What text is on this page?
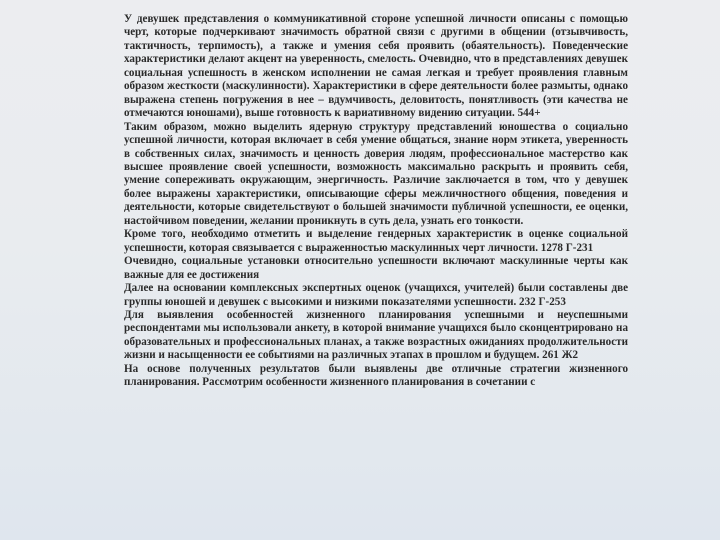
У девушек представления о коммуникативной стороне успешной личности описаны с помощью черт, которые подчеркивают значимость обратной связи с другими в общении (отзывчивость, тактичность, терпимость), а также и умения себя проявить (обаятельность). Поведенческие характеристики делают акцент на уверенность, смелость. Очевидно, что в представлениях девушек социальная успешность в женском исполнении не самая легкая и требует проявления главным образом жесткости (маскулинности). Характеристики в сфере деятельности более размыты, однако выражена степень погружения в нее – вдумчивость, деловитость, понятливость (эти качества не отмечаются юношами), выше готовность к вариативному видению ситуации. 544+

Таким образом, можно выделить ядерную структуру представлений юношества о социально успешной личности, которая включает в себя умение общаться, знание норм этикета, уверенность в собственных силах, значимость и ценность доверия людям, профессиональное мастерство как высшее проявление своей успешности, возможность максимально раскрыть и проявить себя, умение сопереживать окружающим, энергичность. Различие заключается в том, что у девушек более выражены характеристики, описывающие сферы межличностного общения, поведения и деятельности, которые свидетельствуют о большей значимости публичной успешности, ее оценки, настойчивом поведении, желании проникнуть в суть дела, узнать его тонкости.

Кроме того, необходимо отметить и выделение гендерных характеристик в оценке социальной успешности, которая связывается с выраженностью маскулинных черт личности. 1278 Г-231

Очевидно, социальные установки относительно успешности включают маскулинные черты как важные для ее достижения

Далее на основании комплексных экспертных оценок (учащихся, учителей) были составлены две группы юношей и девушек с высокими и низкими показателями успешности. 232 Г-253

Для выявления особенностей жизненного планирования успешными и неуспешными респондентами мы использовали анкету, в которой внимание учащихся было сконцентрировано на образовательных и профессиональных планах, а также возрастных ожиданиях продолжительности жизни и насыщенности ее событиями на различных этапах в прошлом и будущем. 261 Ж2

На основе полученных результатов были выявлены две отличные стратегии жизненного планирования. Рассмотрим особенности жизненного планирования в сочетании с
